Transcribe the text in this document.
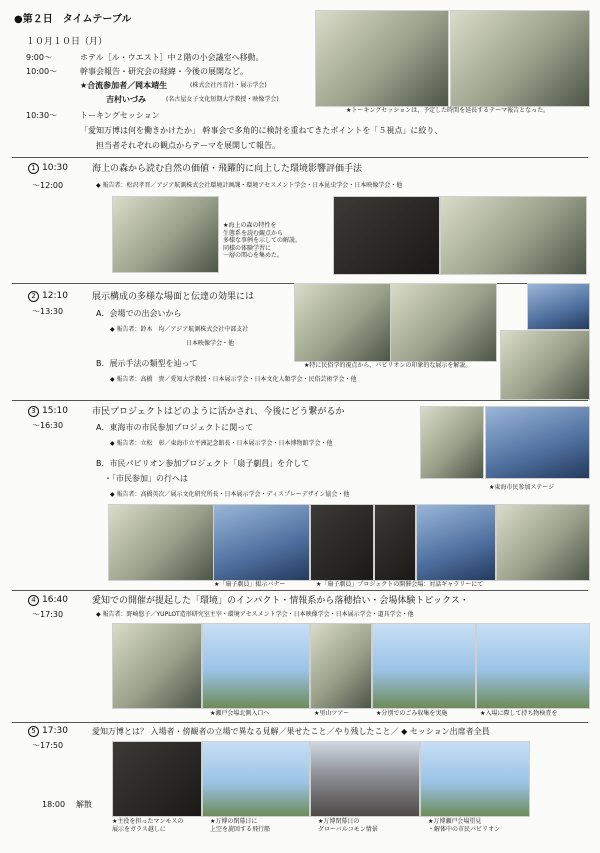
●第２日　タイムテーブル
１０月１０日（月）
9:00～	ホテル［ル・ウエスト］中２階の小会議室へ移動。
10:00～	幹事会報告・研究会の経緯・今後の展開など。
★合流参加者／岡本靖生	(株式会社丹青社・展示学会)
吉村いづみ	(名古屋女子文化短期大学教授・映像学会)
10:30～	トーキングセッション
「愛知万博は何を働きかけたか」 幹事会で多角的に検討を重ねてきたポイントを「５視点」に絞り、
担当者それぞれの観点からテーマを展開して報告。
★トーキングセッションは、予定した時間を延長するテーマ報告となった。
1 10:30	海上の森から読む自然の価値・飛躍的に向上した環境影響評価手法
～12:00	◆ 報告者：松沢孝晋／アジア航測株式会社環境計画課・環境アセスメント学会・日本昆虫学会・日本映像学会・他
★海上の森の特性を
生態系を読む観点から
多様な事例を示しての解説。
同様の体験学習に
一層の関心を集めた。
2 12:10	展示構成の多様な場面と伝達の効果には
～13:30	A．会場での出会いから
◆ 報告者：鈴木　均／アジア航測株式会社中部支社
日本映像学会・他
B．展示手法の類型を辿って
◆ 報告者：高橋　貴／愛知大学教授・日本展示学会・日本文化人類学会・民俗芸術学会・他
★特に民俗学的視点から、パビリオンの印象的な展示を解説。
3 15:10	市民プロジェクトはどのように活かされ、今後にどう繋がるか
～16:30	A．東海市の市民参加プロジェクトに関って
◆ 報告者：立松　彰／東海市立平洲記念館長・日本展示学会・日本博物館学会・他
B．市民パビリオン参加プロジェクト「扇子劇員」を介して
・「市民参加」の行へは
◆ 報告者：高橋英次／展示文化研究所長・日本展示学会・ディスプレーデザイン協会・他
★東海市民参加ステージ
★「扇子劇員」掲示バナー	★「扇子劇員」プロジェクトの開催会場：対話ギャラリーにて
4 16:40	愛知での開催が提起した「環境」のインパクト・情報系から落穂拾い・会場体験トピックス・
～17:30	◆ 報告者：野崎悠子／YUPLOT造形研究室主宰・環境アセスメント学会・日本映像学会・日本展示学会・道具学会・他
★瀬戸会場北側入口へ	★里山ツアー	★分別でのごみ収集を実施	★入場に際して持ち物検査を
5 17:30	愛知万博とは？ 入場者・傍観者の立場で異なる見解／果せたこと／やり残したこと／ ◆ セッション出席者全員
～17:50
18:00 解散
★主役を担ったマンモスの
展示をガラス越しに
★万博の閉幕日に
上空を旋回する飛行船
★万博閉幕日の
グローバルコモン情景
★万博瀬戸会場望見
・解体中の市民パビリオン
